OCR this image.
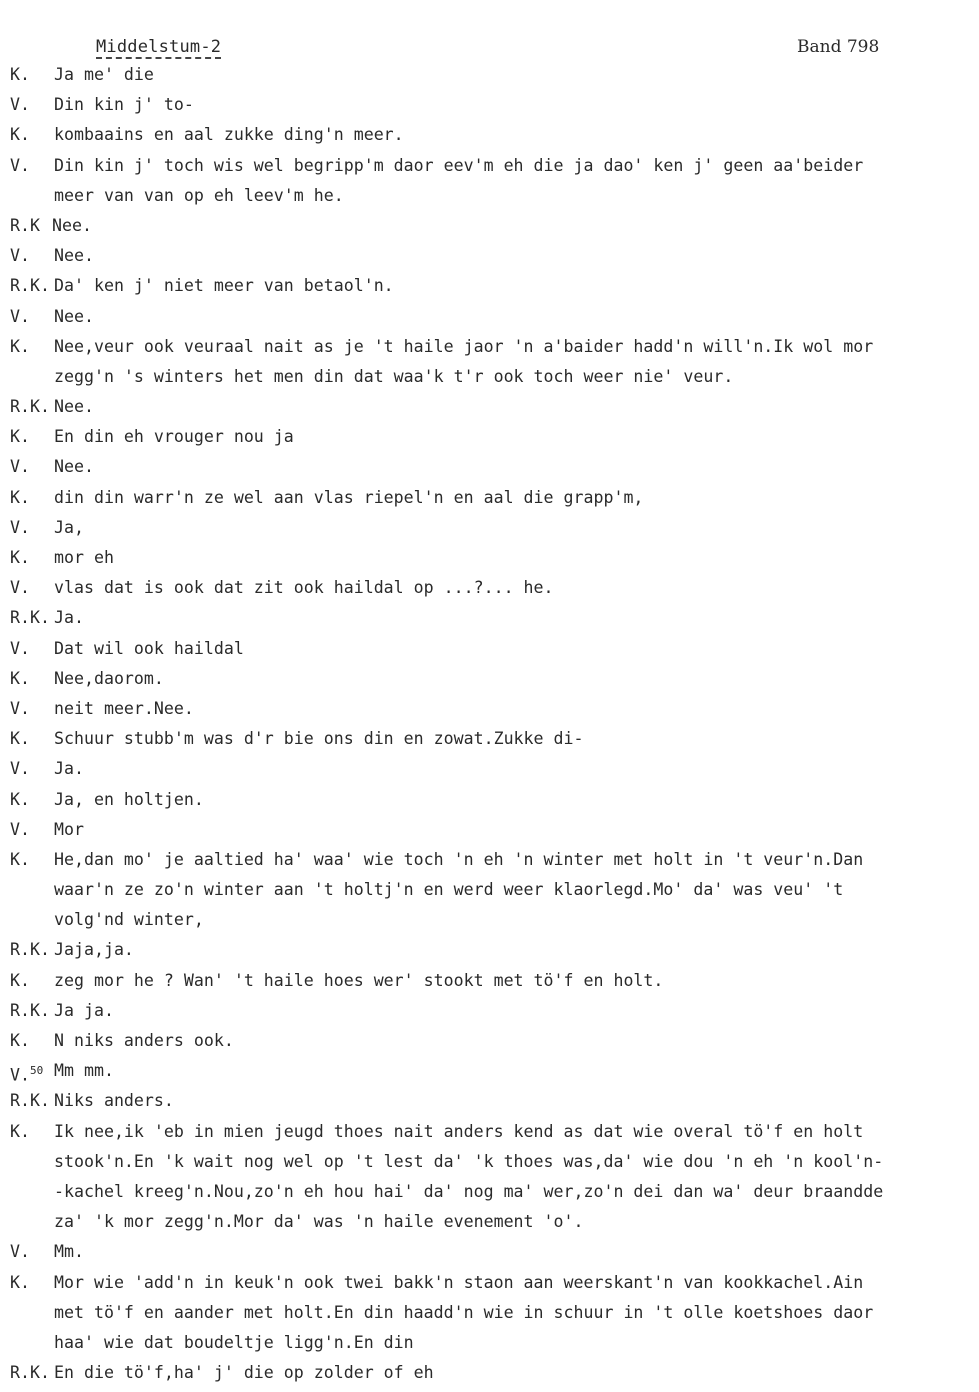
Middelstum-2	Band 798
K. Ja me' die
V. Din kin j' to-
K. kombaains en aal zukke ding'n meer.
V. Din kin j' toch wis wel begripp'm daor eev'm eh die ja dao' ken j' geen aa'beider
meer van van op eh leev'm he.
R.K Nee.
V. Nee.
R.K. Da' ken j' niet meer van betaol'n.
V. Nee.
K. Nee,veur ook veuraal nait as je 't haile jaor 'n a'baider hadd'n will'n.Ik wol mor
zegg'n 's winters het men din dat waa'k t'r ook toch weer nie' veur.
R.K. Nee.
K. En din eh vrouger nou ja
V. Nee.
K. din din warr'n ze wel aan vlas riepel'n en aal die grapp'm,
V. Ja,
K. mor eh
V. vlas dat is ook dat zit ook haildal op ...?... he.
R.K. Ja.
V. Dat wil ook haildal
K. Nee,daorom.
V. neit meer.Nee.
K. Schuur stubb'm was d'r bie ons din en zowat.Zukke di-
V. Ja.
K. Ja, en holtjen.
V. Mor
K. He,dan mo' je aaltied ha' waa' wie toch 'n eh 'n winter met holt in 't veur'n.Dan
waar'n ze zo'n winter aan 't holtj'n en werd weer klaorlegd.Mo' da' was veu' 't
volg'nd winter,
R.K. Jaja,ja.
K. zeg mor he ? Wan' 't haile hoes wer' stookt met tö'f en holt.
R.K. Ja ja.
K. N niks anders ook.
V.$^{50}$ Mm mm.
R.K. Niks anders.
K. Ik nee,ik 'eb in mien jeugd thoes nait anders kend as dat wie overal tö'f en holt
stook'n.En 'k wait nog wel op 't lest da' 'k thoes was,da' wie dou 'n eh 'n kool'n-
-kachel kreeg'n.Nou,zo'n eh hou hai' da' nog ma' wer,zo'n dei dan wa' deur braandde
za' 'k mor zegg'n.Mor da' was 'n haile evenement 'o'.
V. Mm.
K. Mor wie 'add'n in keuk'n ook twei bakk'n staon aan weerskant'n van kookkachel.Ain
met tö'f en aander met holt.En din haadd'n wie in schuur in 't olle koetshoes daor
haa' wie dat boudeltje ligg'n.En din
R.K. En die tö'f,ha' j' die op zolder of eh
